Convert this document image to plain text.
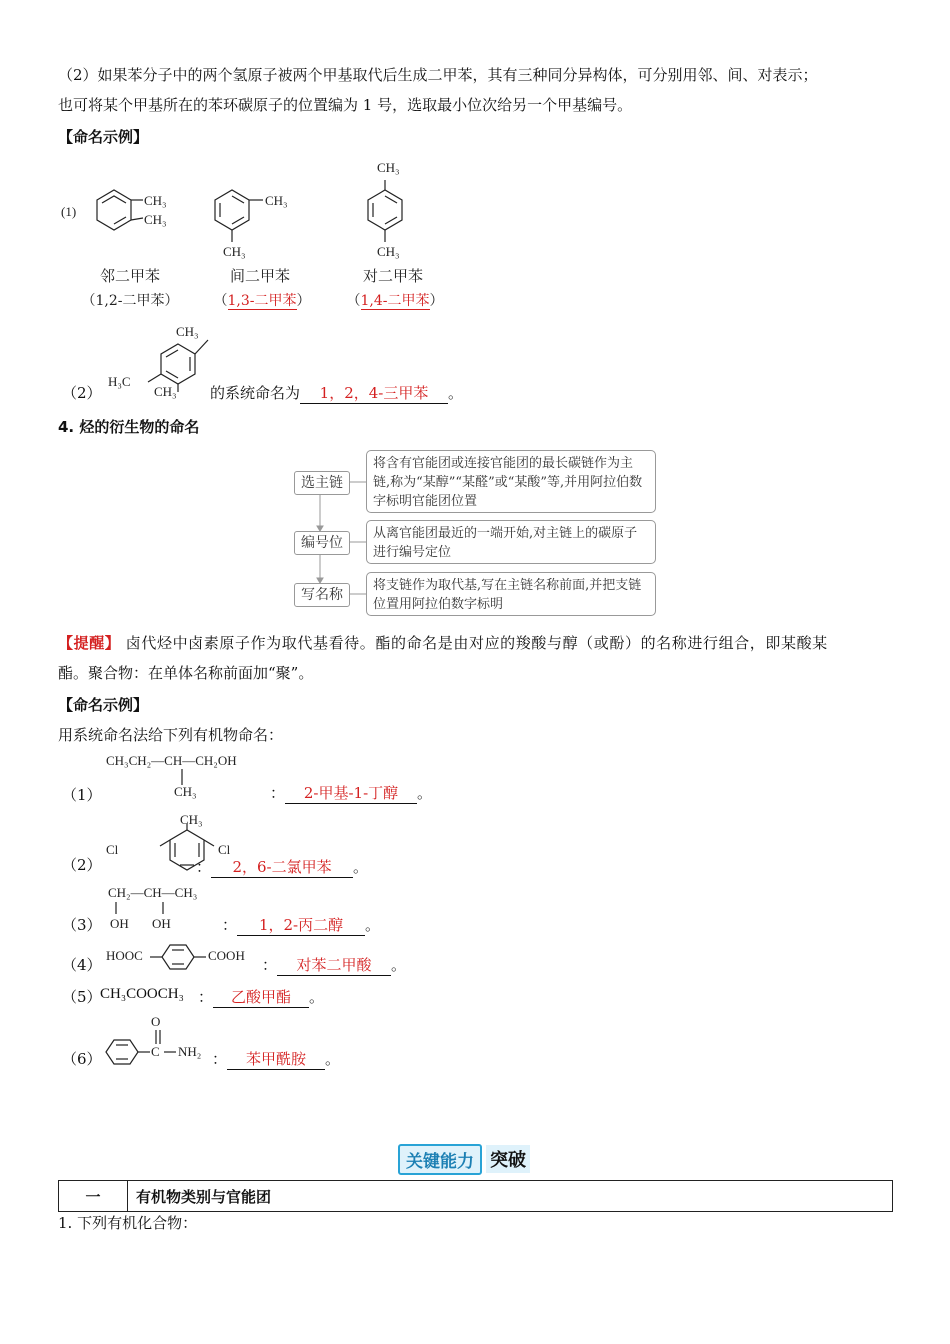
（2）如果苯分子中的两个氢原子被两个甲基取代后生成二甲苯，其有三种同分异构体，可分别用邻、间、对表示；
也可将某个甲基所在的苯环碳原子的位置编为 1 号，选取最小位次给另一个甲基编号。
【命名示例】
(1)
CH₃
CH₃
CH₃
CH₃
CH₃
CH₃
邻二甲苯
（1,2-二甲苯）
间二甲苯
（1,3-二甲苯）
对二甲苯
（1,4-二甲苯）
（2）
CH₃
H₃C
CH₃ 的系统命名为 1，2，4-三甲苯 。
4. 烃的衍生物的命名
选主链
将含有官能团或连接官能团的最长碳链作为主链,称为“某醇”“某醛”或“某酸”等,并用阿拉伯数字标明官能团位置
编号位
从离官能团最近的一端开始,对主链上的碳原子进行编号定位
写名称
将支链作为取代基,写在主链名称前面,并把支链位置用阿拉伯数字标明
【提醒】 卤代烃中卤素原子作为取代基看待。酯的命名是由对应的羧酸与醇（或酚）的名称进行组合，即某酸某
酯。聚合物：在单体名称前面加“聚”。
【命名示例】
用系统命名法给下列有机物命名：
（1）
CH₃CH₂—CH—CH₂OH
CH₃	： 2-甲基-1-丁醇 。
（2）
CH₃
Cl	Cl
： 2，6-二氯甲苯 。
（3）
CH₂—CH—CH₃
OH OH	： 1，2-丙二醇 。
（4）
HOOC	COOH
： 对苯二甲酸 。
（5）
CH₃COOCH₃ ： 乙酸甲酯 。
（6）
O
C NH₂ ： 苯甲酰胺 。
关键能力 突破
一	有机物类别与官能团
1. 下列有机化合物：
